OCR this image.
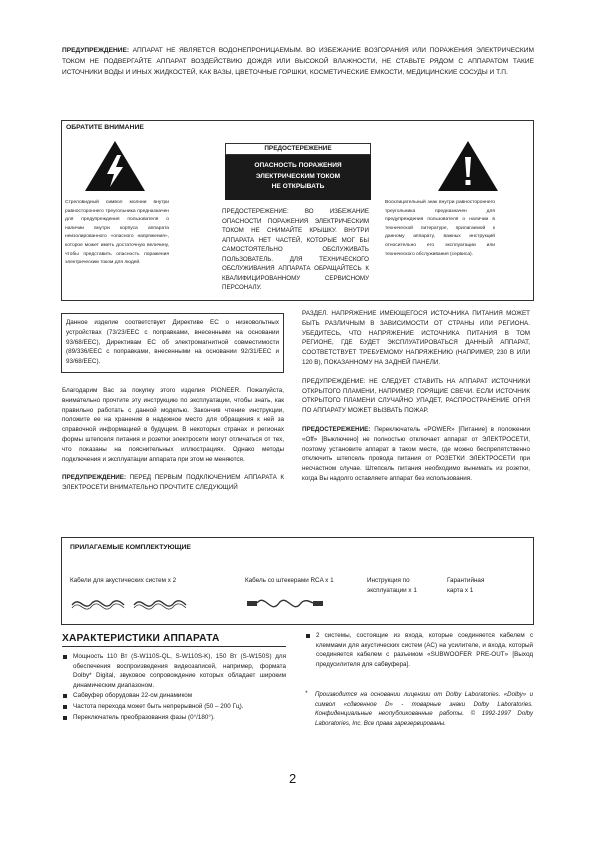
ПРЕДУПРЕЖДЕНИЕ: АППАРАТ НЕ ЯВЛЯЕТСЯ ВОДОНЕПРОНИЦАЕМЫМ. ВО ИЗБЕЖАНИЕ ВОЗГОРАНИЯ ИЛИ ПОРАЖЕНИЯ ЭЛЕКТРИЧЕСКИМ ТОКОМ НЕ ПОДВЕРГАЙТЕ АППАРАТ ВОЗДЕЙСТВИЮ ДОЖДЯ ИЛИ ВЫСОКОЙ ВЛАЖНОСТИ, НЕ СТАВЬТЕ РЯДОМ С АППАРАТОМ ТАКИЕ ИСТОЧНИКИ ВОДЫ И ИНЫХ ЖИДКОСТЕЙ, КАК ВАЗЫ, ЦВЕТОЧНЫЕ ГОРШКИ, КОСМЕТИЧЕСКИЕ ЕМКОСТИ, МЕДИЦИНСКИЕ СОСУДЫ И Т.П.
ОБРАТИТЕ ВНИМАНИЕ
Стреловидный символ молнии внутри равностороннего треугольника предназначен для предупреждения пользователя о наличии внутри корпуса аппарата неизолированного «опасного напряжения», которое может иметь достаточную величину, чтобы представить опасность поражения электрическим током для людей.
ПРЕДОСТЕРЕЖЕНИЕ
ОПАСНОСТЬ ПОРАЖЕНИЯ
ЭЛЕКТРИЧЕСКИМ ТОКОМ
НЕ ОТКРЫВАТЬ
ПРЕДОСТЕРЕЖЕНИЕ: ВО ИЗБЕЖАНИЕ ОПАСНОСТИ ПОРАЖЕНИЯ ЭЛЕКТРИЧЕСКИМ ТОКОМ НЕ СНИМАЙТЕ КРЫШКУ. ВНУТРИ АППАРАТА НЕТ ЧАСТЕЙ, КОТОРЫЕ МОГ БЫ САМОСТОЯТЕЛЬНО ОБСЛУЖИВАТЬ ПОЛЬЗОВАТЕЛЬ. ДЛЯ ТЕХНИЧЕСКОГО ОБСЛУЖИВАНИЯ АППАРАТА ОБРАЩАЙТЕСЬ К КВАЛИФИЦИРОВАННОМУ СЕРВИСНОМУ ПЕРСОНАЛУ.
Восклицательный знак внутри равностороннего треугольника предназначен для предупреждения пользователя о наличии в технической литературе, прилагаемой к данному аппарату, важных инструкций относительно его эксплуатации или технического обслуживания (сервиса).
Данное изделие соответствует Директиве ЕС о низковольтных устройствах (73/23/EEC с поправками, внесенными на основании 93/68/EEC), Директивам ЕС об электромагнитной совместимости (89/336/EEC с поправками, внесенными на основании 92/31/EEC и 93/68/EEC).
Благодарим Вас за покупку этого изделия PIONEER. Пожалуйста, внимательно прочтите эту инструкцию по эксплуатации, чтобы знать, как правильно работать с данной моделью. Закончив чтение инструкции, положите ее на хранение в надежное место для обращения к ней за справочной информацией в будущем. В некоторых странах и регионах формы штепселя питания и розетки электросети могут отличаться от тех, что показаны на пояснительных иллюстрациях. Однако методы подключения и эксплуатации аппарата при этом не меняются.
ПРЕДУПРЕЖДЕНИЕ: ПЕРЕД ПЕРВЫМ ПОДКЛЮЧЕНИЕМ АППАРАТА К ЭЛЕКТРОСЕТИ ВНИМАТЕЛЬНО ПРОЧТИТЕ СЛЕДУЮЩИЙ
РАЗДЕЛ. НАПРЯЖЕНИЕ ИМЕЮЩЕГОСЯ ИСТОЧНИКА ПИТАНИЯ МОЖЕТ БЫТЬ РАЗЛИЧНЫМ В ЗАВИСИМОСТИ ОТ СТРАНЫ ИЛИ РЕГИОНА. УБЕДИТЕСЬ, ЧТО НАПРЯЖЕНИЕ ИСТОЧНИКА ПИТАНИЯ В ТОМ РЕГИОНЕ, ГДЕ БУДЕТ ЭКСПЛУАТИРОВАТЬСЯ ДАННЫЙ АППАРАТ, СООТВЕТСТВУЕТ ТРЕБУЕМОМУ НАПРЯЖЕНИЮ (НАПРИМЕР, 230 В ИЛИ 120 В), ПОКАЗАННОМУ НА ЗАДНЕЙ ПАНЕЛИ.
ПРЕДУПРЕЖДЕНИЕ: НЕ СЛЕДУЕТ СТАВИТЬ НА АППАРАТ ИСТОЧНИКИ ОТКРЫТОГО ПЛАМЕНИ, НАПРИМЕР, ГОРЯЩИЕ СВЕЧИ. ЕСЛИ ИСТОЧНИК ОТКРЫТОГО ПЛАМЕНИ СЛУЧАЙНО УПАДЕТ, РАСПРОСТРАНЕНИЕ ОГНЯ ПО АППАРАТУ МОЖЕТ ВЫЗВАТЬ ПОЖАР.
ПРЕДОСТЕРЕЖЕНИЕ: Переключатель «POWER» [Питание] в положении «Off» [Выключено] не полностью отключает аппарат от ЭЛЕКТРОСЕТИ, поэтому установите аппарат в таком месте, где можно беспрепятственно отключить штепсель провода питания от РОЗЕТКИ ЭЛЕКТРОСЕТИ при несчастном случае. Штепсель питания необходимо вынимать из розетки, когда Вы надолго оставляете аппарат без использования.
ПРИЛАГАЕМЫЕ КОМПЛЕКТУЮЩИЕ
Кабели для акустических систем х 2	Кабель со штекерами RCA х 1	Инструкция по
эксплуатации х 1
Гарантийная
карта х 1
ХАРАКТЕРИСТИКИ АППАРАТА
Мощность 110 Вт (S-W110S-QL, S-W110S-K), 150 Вт (S-W150S) для обеспечения воспроизведения видеозаписей, например, формата Dolby* Digital, звуковое сопровождение которых обладает широким динамическим диапазоном.
Сабвуфер оборудован 22-см динамиком
Частота перехода может быть непрерывной (50 – 200 Гц).
Переключатель преобразования фазы (0°/180°).
2 системы, состоящие из входа, которые соединяется кабелем с клеммами для акустических систем (AC) на усилителе, и входа, который соединяется кабелем с разъемом «SUBWOOFER PRE-OUT» [Выход предусилителя для сабвуфера].
*	Производится на основании лицензии от Dolby Laboratories. «Dolby» и символ «сдвоенное D» - товарные знаки Dolby Laboratories. Конфиденциальные неопубликованные работы. © 1992-1997 Dolby Laboratories, Inc. Все права зарезервированы.
2
